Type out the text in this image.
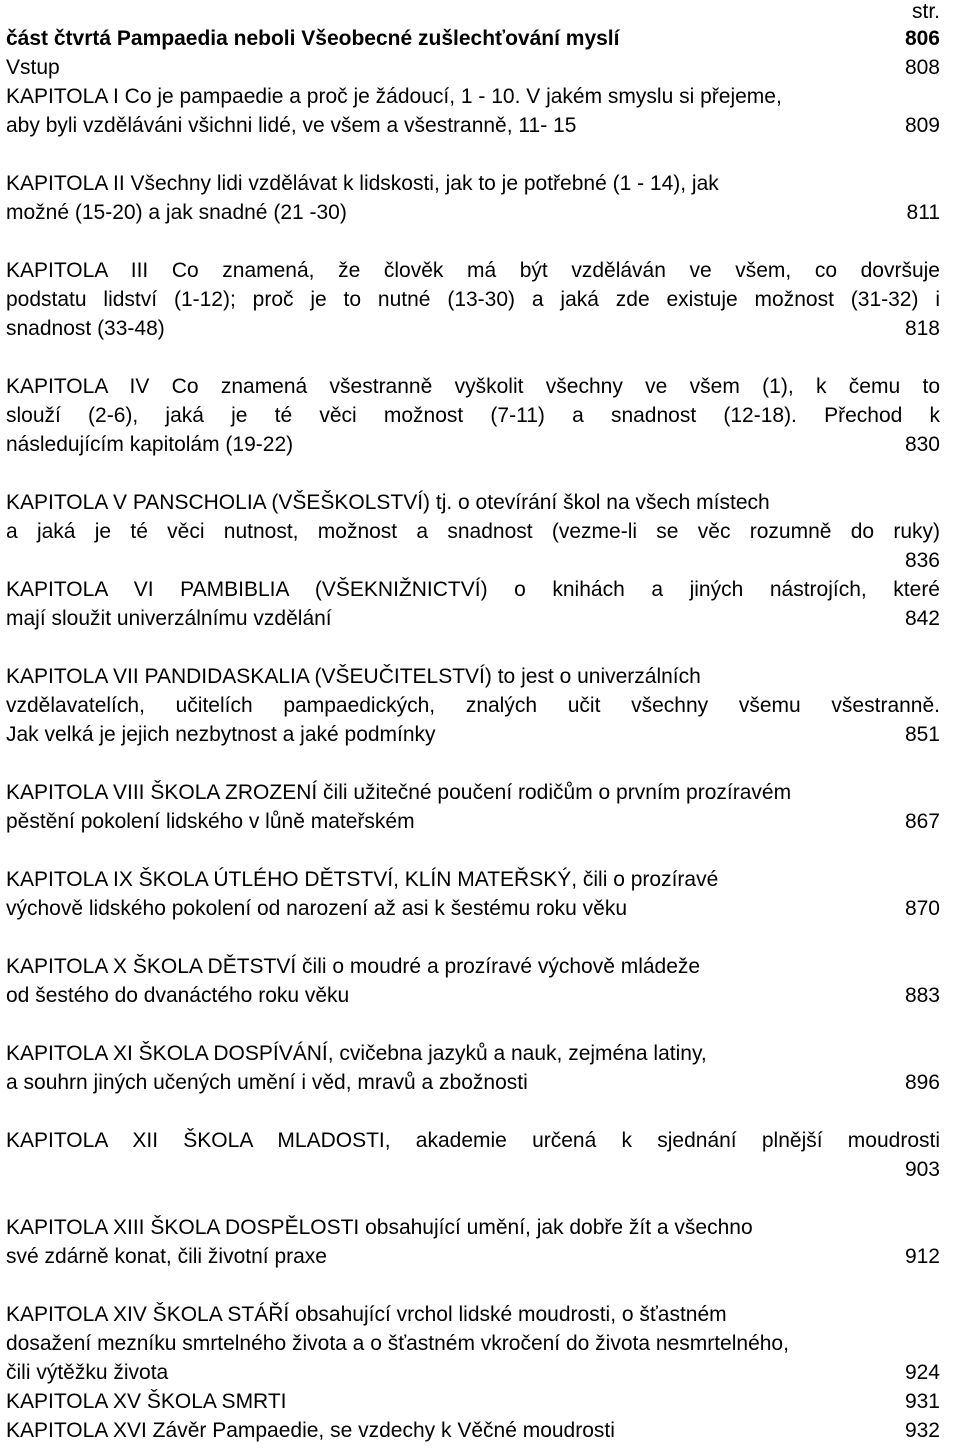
str.
část čtvrtá Pampaedia neboli Všeobecné zušlechťování myslí	806
Vstup	808
KAPITOLA I Co je pampaedie a proč je žádoucí, 1 - 10. V jakém smyslu si přejeme,
aby byli vzděláváni všichni lidé, ve všem a všestranně, 11- 15	809
KAPITOLA II Všechny lidi vzdělávat k lidskosti, jak to je potřebné (1 - 14), jak
možné (15-20) a jak snadné (21 -30)	811
KAPITOLA III Co znamená, že člověk má být vzděláván ve všem, co dovršuje
podstatu lidství (1-12); proč je to nutné (13-30) a jaká zde existuje možnost (31-32) i
snadnost (33-48)	818
KAPITOLA IV Co znamená všestranně vyškolit všechny ve všem (1), k čemu to
slouží (2-6), jaká je té věci možnost (7-11) a snadnost (12-18). Přechod k
následujícím kapitolám (19-22)	830
KAPITOLA V PANSCHOLIA (VŠEŠKOLSTVÍ) tj. o otevírání škol na všech místech
a jaká je té věci nutnost, možnost a snadnost (vezme-li se věc rozumně do ruky)
836
KAPITOLA VI PAMBIBLIA (VŠEKNIŽNICTVÍ) o knihách a jiných nástrojích, které
mají sloužit univerzálnímu vzdělání	842
KAPITOLA VII PANDIDASKALIA (VŠEUČITELSTVÍ) to jest o univerzálních
vzdělavatelích, učitelích pampaedických, znalých učit všechny všemu všestranně.
Jak velká je jejich nezbytnost a jaké podmínky	851
KAPITOLA VIII ŠKOLA ZROZENÍ čili užitečné poučení rodičům o prvním prozíravém
pěstění pokolení lidského v lůně mateřském	867
KAPITOLA IX ŠKOLA ÚTLÉHO DĚTSTVÍ, KLÍN MATEŘSKÝ, čili o prozíravé
výchově lidského pokolení od narození až asi k šestému roku věku	870
KAPITOLA X ŠKOLA DĚTSTVÍ čili o moudré a prozíravé výchově mládeže
od šestého do dvanáctého roku věku	883
KAPITOLA XI ŠKOLA DOSPÍVÁNÍ, cvičebna jazyků a nauk, zejména latiny,
a souhrn jiných učených umění i věd, mravů a zbožnosti	896
KAPITOLA XII ŠKOLA MLADOSTI, akademie určená k sjednání plnější moudrosti
903
KAPITOLA XIII ŠKOLA DOSPĚLOSTI obsahující umění, jak dobře žít a všechno
své zdárně konat, čili životní praxe	912
KAPITOLA XIV ŠKOLA STÁŘÍ obsahující vrchol lidské moudrosti, o šťastném
dosažení mezníku smrtelného života a o šťastném vkročení do života nesmrtelného,
čili výtěžku života	924
KAPITOLA XV ŠKOLA SMRTI	931
KAPITOLA XVI Závěr Pampaedie, se vzdechy k Věčné moudrosti	932
